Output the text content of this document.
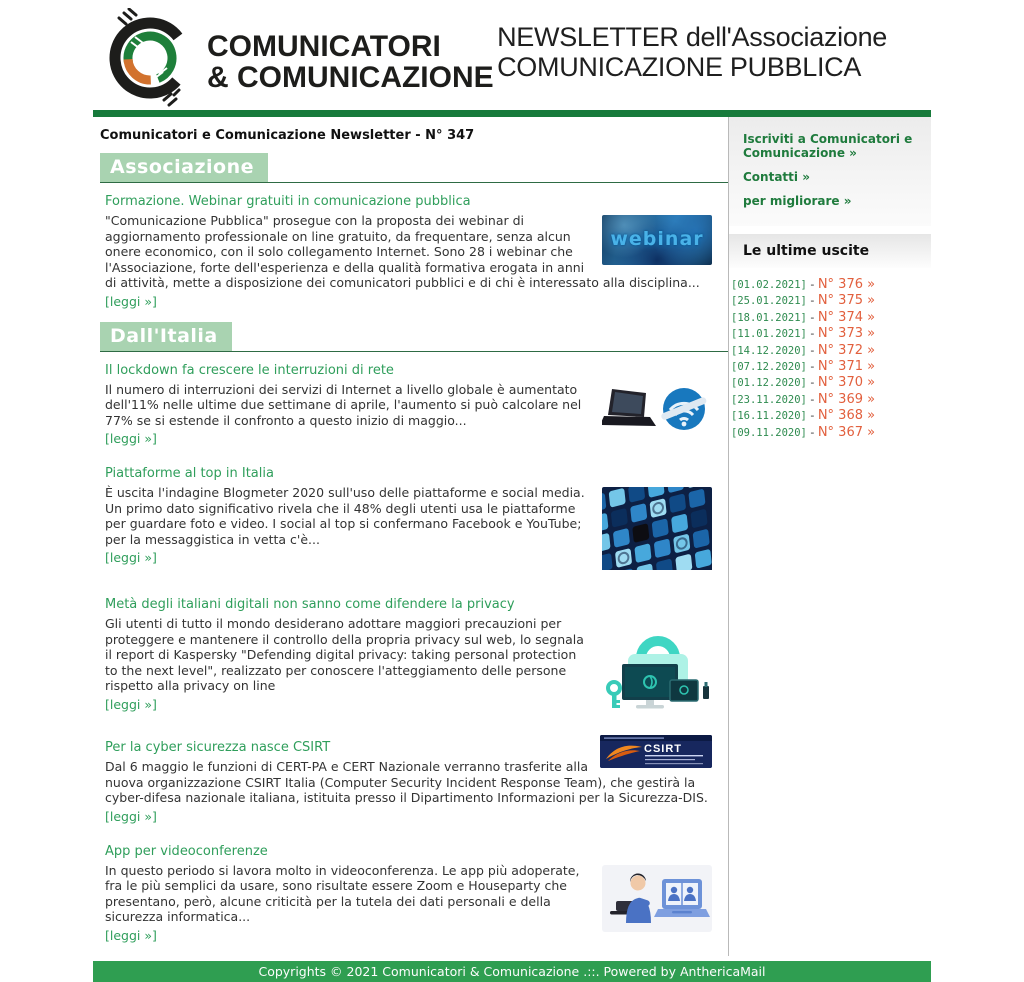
COMUNICATORI
& COMUNICAZIONE
NEWSLETTER dell'Associazione
COMUNICAZIONE PUBBLICA
Comunicatori e Comunicazione Newsletter - N° 347
Associazione
Formazione. Webinar gratuiti in comunicazione pubblica
webinar
"Comunicazione Pubblica" prosegue con la proposta dei webinar di aggiornamento professionale on line gratuito, da frequentare, senza alcun onere economico, con il solo collegamento Internet. Sono 28 i webinar che l'Associazione, forte dell'esperienza e della qualità formativa erogata in anni di attività, mette a disposizione dei comunicatori pubblici e di chi è interessato alla disciplina...
[leggi »]
Dall'Italia
Il lockdown fa crescere le interruzioni di rete
Il numero di interruzioni dei servizi di Internet a livello globale è aumentato dell'11% nelle ultime due settimane di aprile, l'aumento si può calcolare nel 77% se si estende il confronto a questo inizio di maggio...
[leggi »]
Piattaforme al top in Italia
È uscita l'indagine Blogmeter 2020 sull'uso delle piattaforme e social media. Un primo dato significativo rivela che il 48% degli utenti usa le piattaforme per guardare foto e video. I social al top si confermano Facebook e YouTube; per la messaggistica in vetta c'è...
[leggi »]
Metà degli italiani digitali non sanno come difendere la privacy
Gli utenti di tutto il mondo desiderano adottare maggiori precauzioni per proteggere e mantenere il controllo della propria privacy sul web, lo segnala il report di Kaspersky "Defending digital privacy: taking personal protection to the next level", realizzato per conoscere l'atteggiamento delle persone rispetto alla privacy on line
[leggi »]
CSIRT
Per la cyber sicurezza nasce CSIRT
Dal 6 maggio le funzioni di CERT-PA e CERT Nazionale verranno trasferite alla nuova organizzazione CSIRT Italia (Computer Security Incident Response Team), che gestirà la cyber-difesa nazionale italiana, istituita presso il Dipartimento Informazioni per la Sicurezza-DIS.
[leggi »]
App per videoconferenze
In questo periodo si lavora molto in videoconferenza. Le app più adoperate, fra le più semplici da usare, sono risultate essere Zoom e Houseparty che presentano, però, alcune criticità per la tutela dei dati personali e della sicurezza informatica...
[leggi »]
Iscriviti a Comunicatori e Comunicazione »
Contatti »
per migliorare »
Le ultime uscite
[01.02.2021] - N° 376 »
[25.01.2021] - N° 375 »
[18.01.2021] - N° 374 »
[11.01.2021] - N° 373 »
[14.12.2020] - N° 372 »
[07.12.2020] - N° 371 »
[01.12.2020] - N° 370 »
[23.11.2020] - N° 369 »
[16.11.2020] - N° 368 »
[09.11.2020] - N° 367 »
Copyrights © 2021 Comunicatori & Comunicazione .::. Powered by AnthericaMail
